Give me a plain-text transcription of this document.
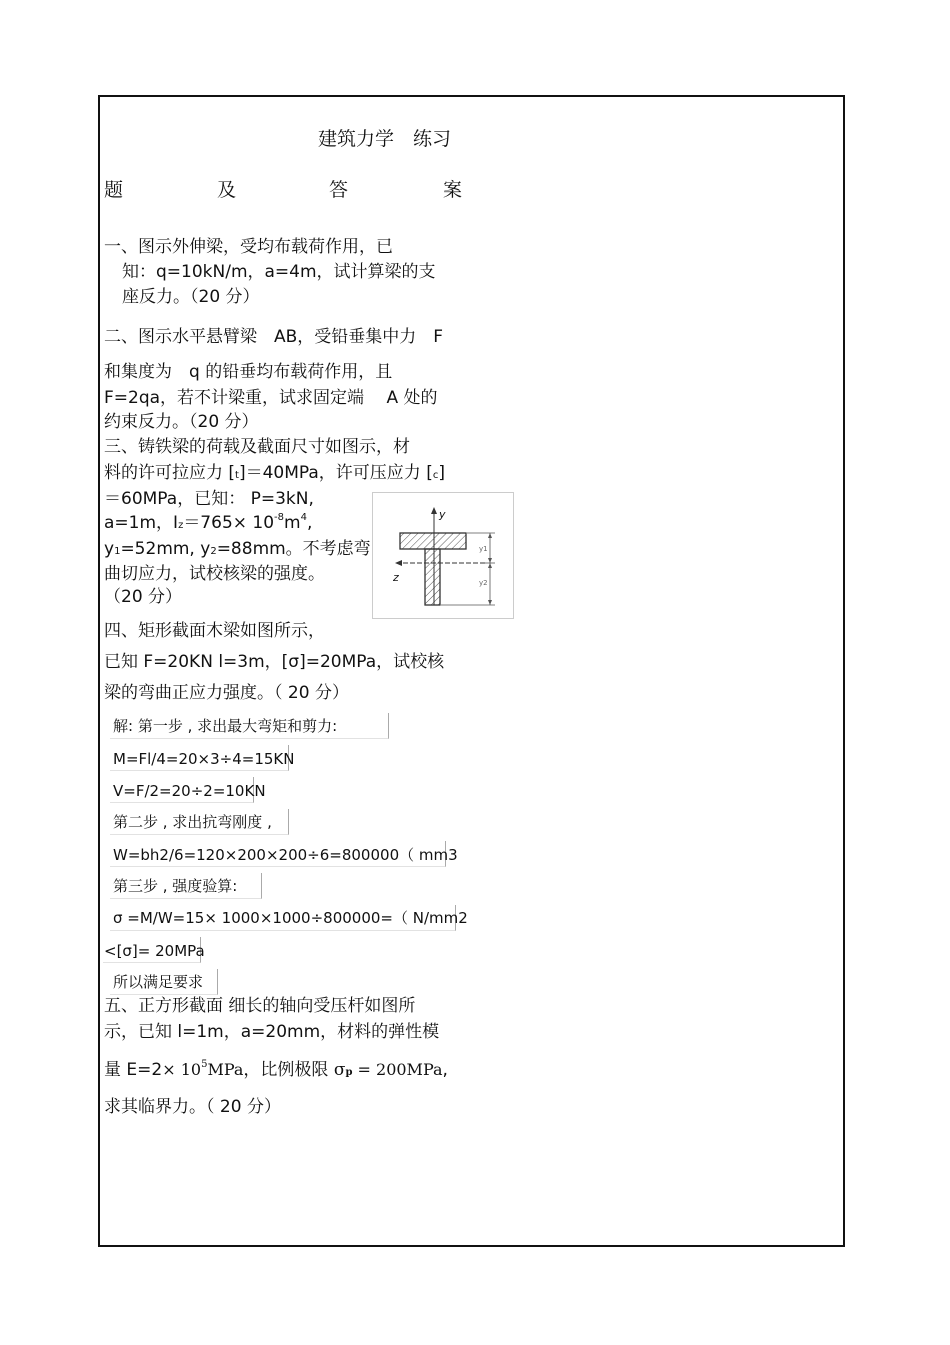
建筑力学　练习
题	及	答	案
一、图示外伸梁，受均布载荷作用，已
知：q=10kN/m，a=4m，试计算梁的支
座反力。（20 分）
二、图示水平悬臂梁　AB，受铅垂集中力　F
和集度为　q 的铅垂均布载荷作用，且
F=2qa，若不计梁重，试求固定端　 A 处的
约束反力。（20 分）
三、铸铁梁的荷载及截面尺寸如图示，材
料的许可拉应力 [t]＝40MPa，许可压应力 [c]
＝60MPa，已知： P=3kN,
a=1m，$Iz=765\times 10^{-8}m^4$,
y1=52mm, y2=88mm。不考虑弯
曲切应力，试校核梁的强度。
（20 分）
y
z
y1
y2
四、矩形截面木梁如图所示，
已知 F=20KN l=3m，[σ]=20MPa，试校核
梁的弯曲正应力强度。（ 20 分）
解: 第一步 , 求出最大弯矩和剪力:
M=Fl/4=20×3÷4=15KN
V=F/2=20÷2=10KN
第二步 , 求出抗弯刚度 ,
W=bh2/6=120×200×200÷6=800000（ mm3
第三步 , 强度验算:
σ =M/W=15× 1000×1000÷800000=（ N/mm2
<[σ]= 20MPa
所以满足要求
五、正方形截面 细长的轴向受压杆如图所
示，已知 l=1m，a=20mm，材料的弹性模
量 $E=2\times 10^5MPa$，比例极限 σp = 200MPa,
求其临界力。（ 20 分）
